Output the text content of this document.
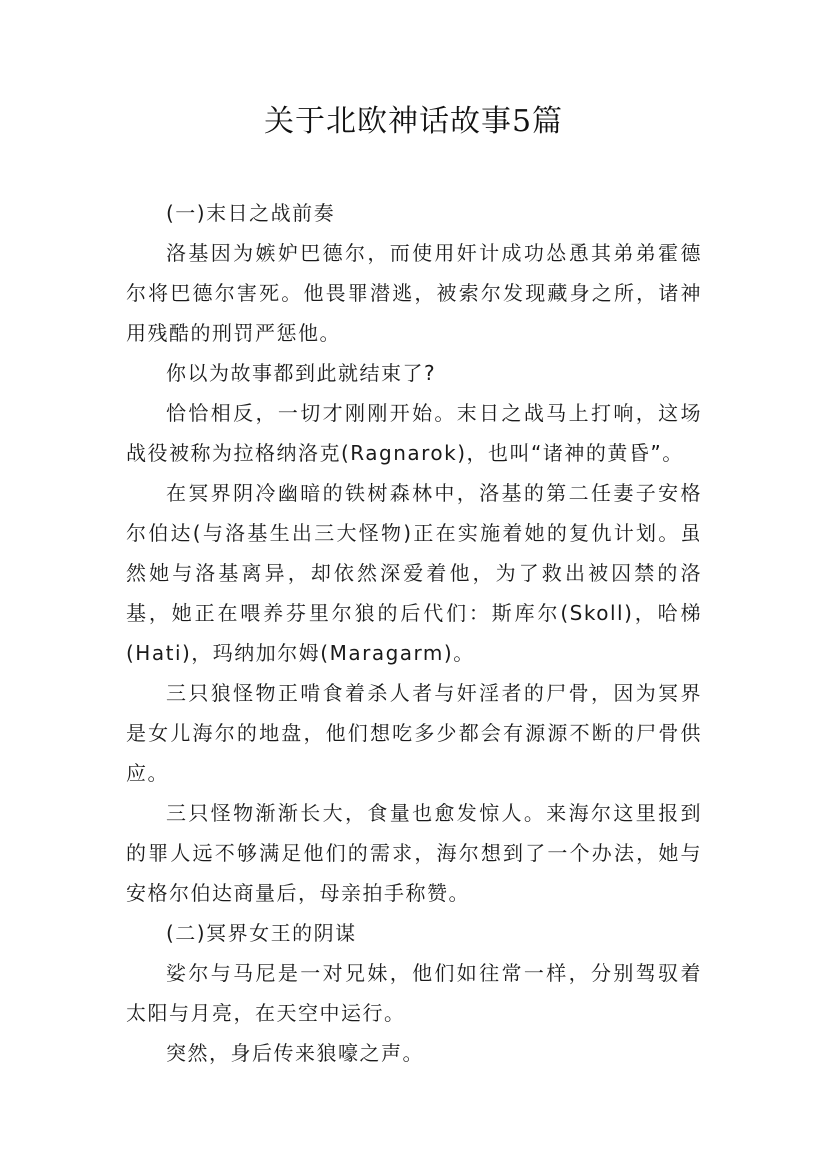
关于北欧神话故事5篇

(一)末日之战前奏

洛基因为嫉妒巴德尔，而使用奸计成功怂恿其弟弟霍德尔将巴德尔害死。他畏罪潜逃，被索尔发现藏身之所，诸神用残酷的刑罚严惩他。

你以为故事都到此就结束了?

恰恰相反，一切才刚刚开始。末日之战马上打响，这场战役被称为拉格纳洛克(Ragnarok)，也叫“诸神的黄昏”。

在冥界阴冷幽暗的铁树森林中，洛基的第二任妻子安格尔伯达(与洛基生出三大怪物)正在实施着她的复仇计划。虽然她与洛基离异，却依然深爱着他，为了救出被囚禁的洛基，她正在喂养芬里尔狼的后代们：斯库尔(Skoll)，哈梯(Hati)，玛纳加尔姆(Maragarm)。

三只狼怪物正啃食着杀人者与奸淫者的尸骨，因为冥界是女儿海尔的地盘，他们想吃多少都会有源源不断的尸骨供应。

三只怪物渐渐长大，食量也愈发惊人。来海尔这里报到的罪人远不够满足他们的需求，海尔想到了一个办法，她与安格尔伯达商量后，母亲拍手称赞。

(二)冥界女王的阴谋

娑尔与马尼是一对兄妹，他们如往常一样，分别驾驭着太阳与月亮，在天空中运行。

突然，身后传来狼嚎之声。
